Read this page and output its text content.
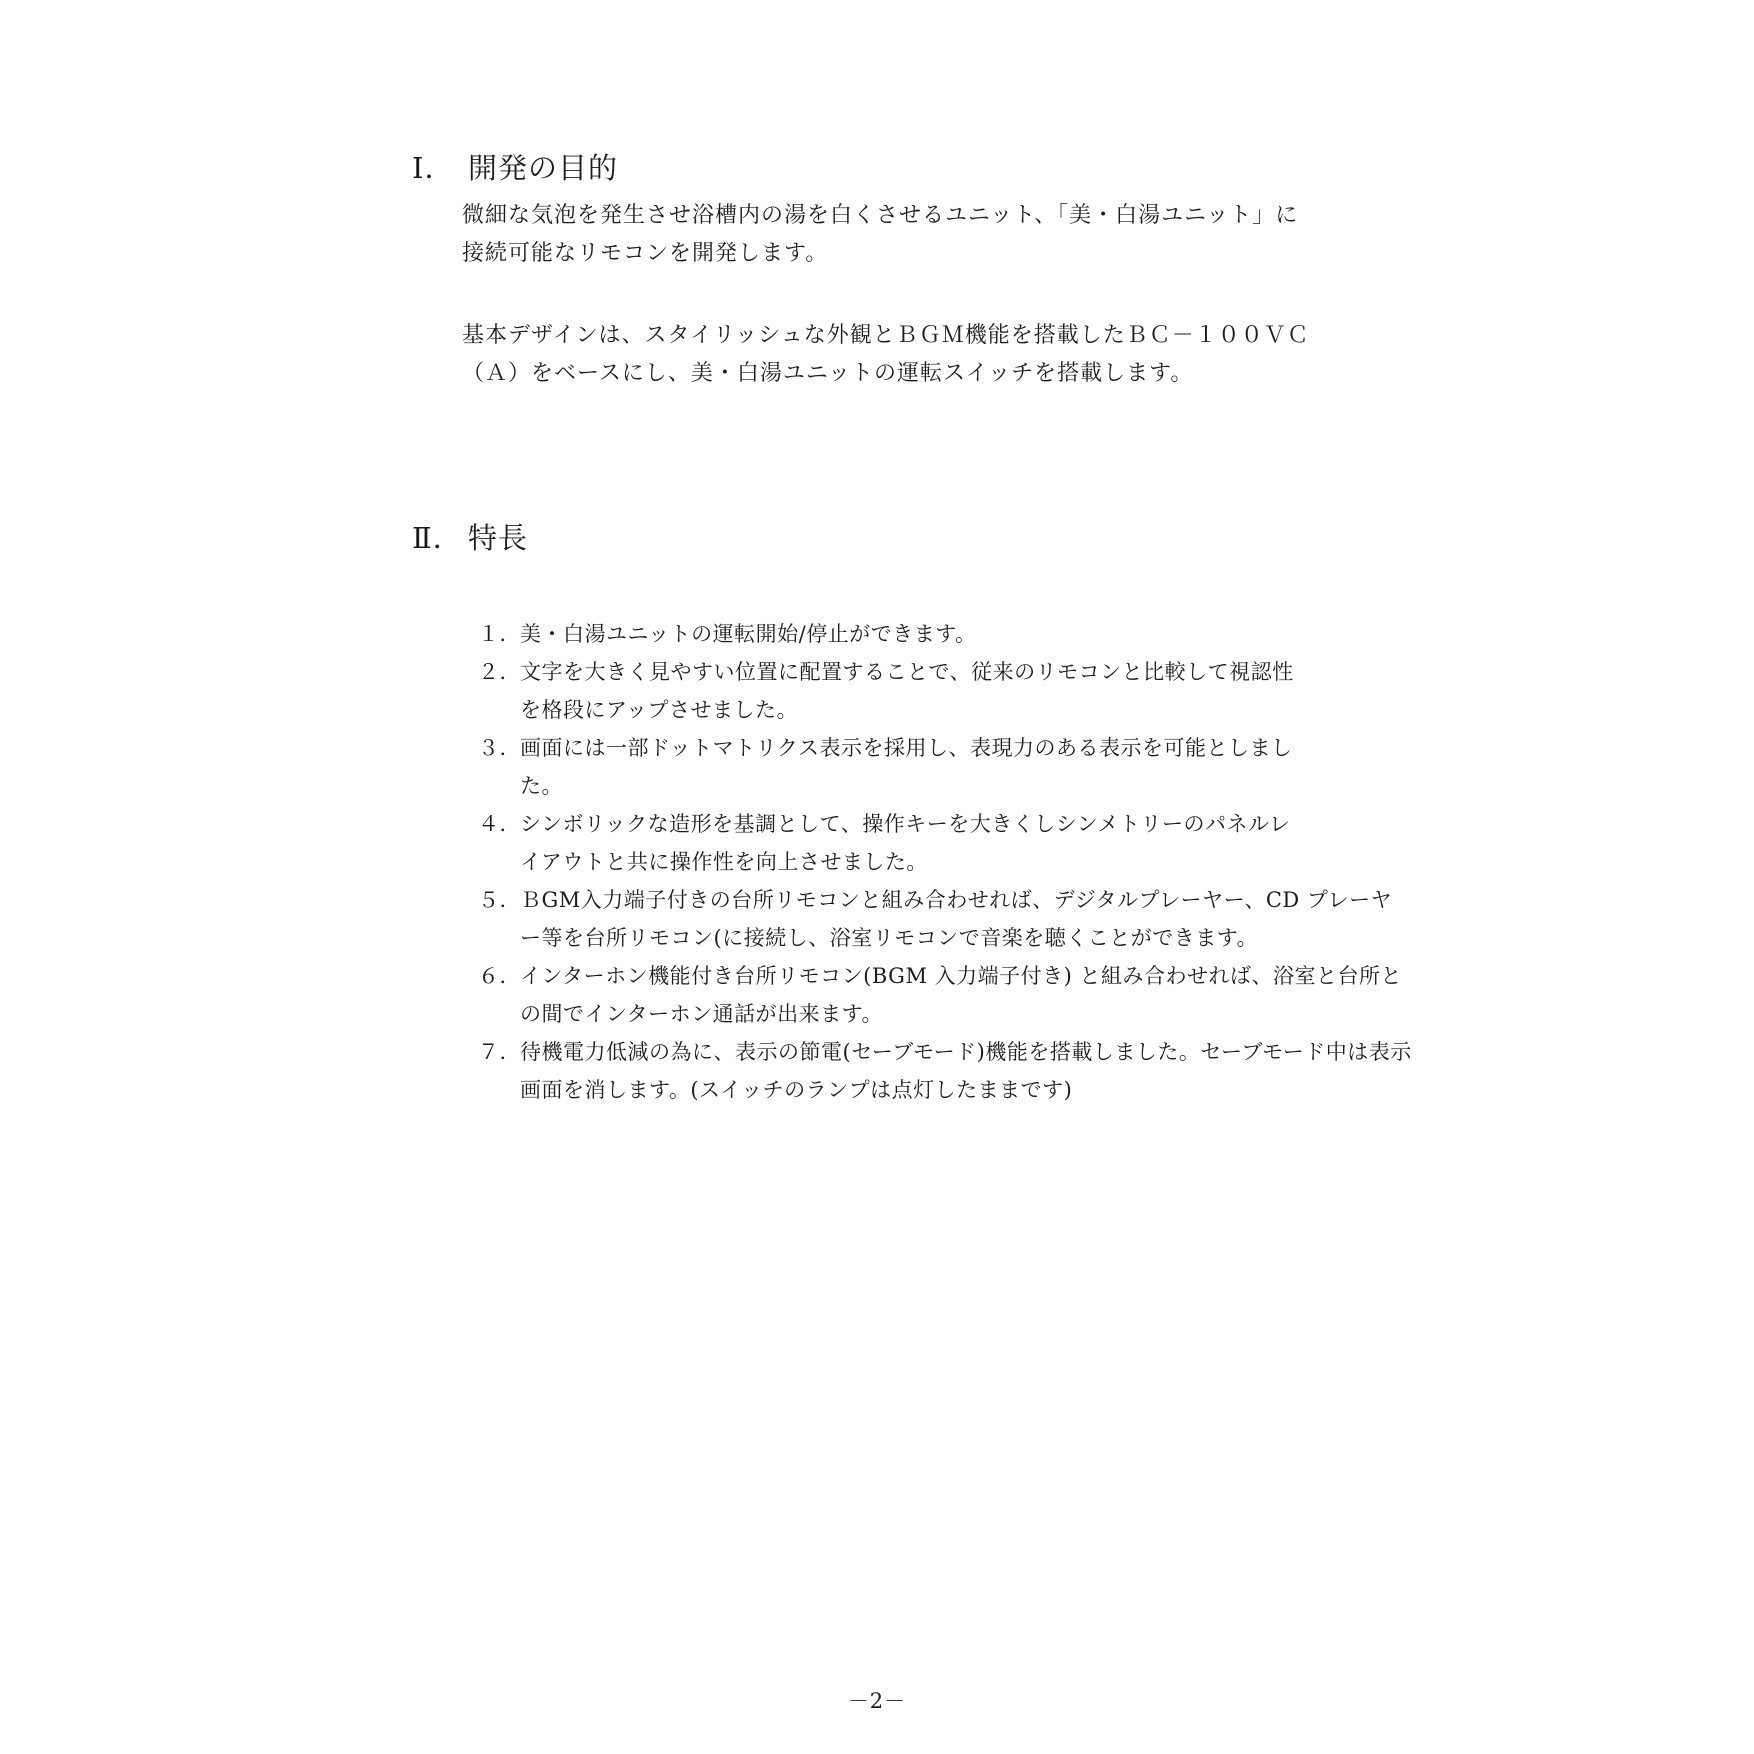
Ⅰ． 開発の目的
微細な気泡を発生させ浴槽内の湯を白くさせるユニット、「美・白湯ユニット」に
接続可能なリモコンを開発します。
基本デザインは、スタイリッシュな外観とＢＧＭ機能を搭載したＢＣ－１００ＶＣ
（Ａ）をベースにし、美・白湯ユニットの運転スイッチを搭載します。
Ⅱ． 特長
１． 美・白湯ユニットの運転開始/停止ができます。
２． 文字を大きく見やすい位置に配置することで、従来のリモコンと比較して視認性
を格段にアップさせました。
３． 画面には一部ドットマトリクス表示を採用し、表現力のある表示を可能としまし
た。
４． シンボリックな造形を基調として、操作キーを大きくしシンメトリーのパネルレ
イアウトと共に操作性を向上させました。
５． ＢGM入力端子付きの台所リモコンと組み合わせれば、デジタルプレーヤー、CD プレーヤ
ー等を台所リモコン(に接続し、浴室リモコンで音楽を聴くことができます。
６． インターホン機能付き台所リモコン(BGM 入力端子付き) と組み合わせれば、浴室と台所と
の間でインターホン通話が出来ます。
７． 待機電力低減の為に、表示の節電(セーブモード)機能を搭載しました。セーブモード中は表示
画面を消します。(スイッチのランプは点灯したままです)
－2－
